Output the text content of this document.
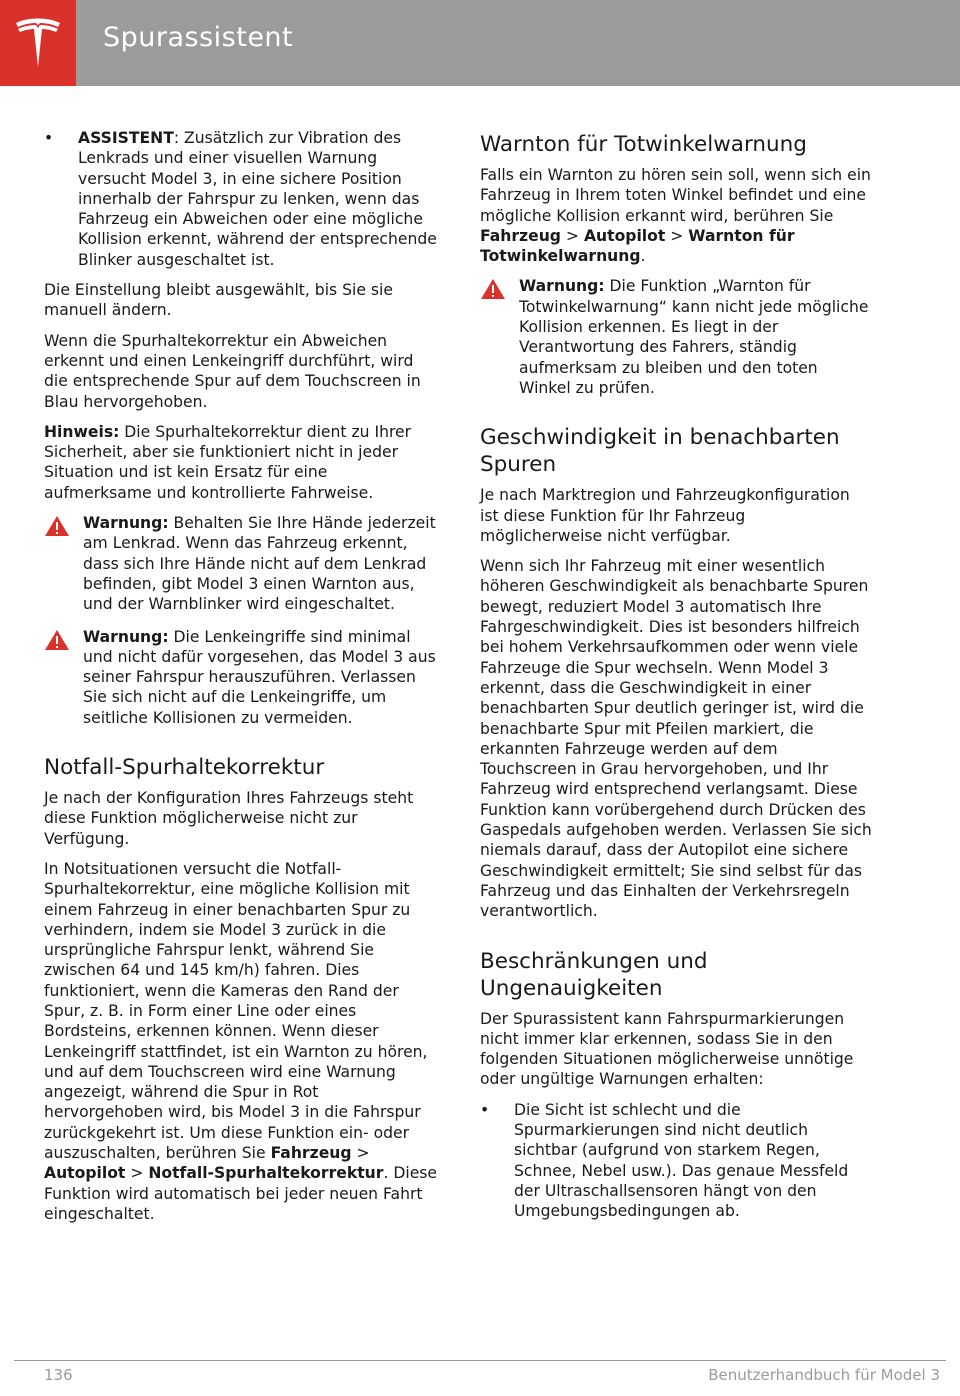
Spurassistent
• ASSISTENT: Zusätzlich zur Vibration des Lenkrads und einer visuellen Warnung versucht Model 3, in eine sichere Position innerhalb der Fahrspur zu lenken, wenn das Fahrzeug ein Abweichen oder eine mögliche Kollision erkennt, während der entsprechende Blinker ausgeschaltet ist.

Die Einstellung bleibt ausgewählt, bis Sie sie manuell ändern.

Wenn die Spurhaltekorrektur ein Abweichen erkennt und einen Lenkeingriff durchführt, wird die entsprechende Spur auf dem Touchscreen in Blau hervorgehoben.

Hinweis: Die Spurhaltekorrektur dient zu Ihrer Sicherheit, aber sie funktioniert nicht in jeder Situation und ist kein Ersatz für eine aufmerksame und kontrollierte Fahrweise.

Warnung: Behalten Sie Ihre Hände jederzeit am Lenkrad. Wenn das Fahrzeug erkennt, dass sich Ihre Hände nicht auf dem Lenkrad befinden, gibt Model 3 einen Warnton aus, und der Warnblinker wird eingeschaltet.
Warnung: Die Lenkeingriffe sind minimal und nicht dafür vorgesehen, das Model 3 aus seiner Fahrspur herauszuführen. Verlassen Sie sich nicht auf die Lenkeingriffe, um seitliche Kollisionen zu vermeiden.
Notfall-Spurhaltekorrektur

Je nach der Konfiguration Ihres Fahrzeugs steht diese Funktion möglicherweise nicht zur Verfügung.

In Notsituationen versucht die Notfall-Spurhaltekorrektur, eine mögliche Kollision mit einem Fahrzeug in einer benachbarten Spur zu verhindern, indem sie Model 3 zurück in die ursprüngliche Fahrspur lenkt, während Sie zwischen 64 und 145 km/h) fahren. Dies funktioniert, wenn die Kameras den Rand der Spur, z. B. in Form einer Line oder eines Bordsteins, erkennen können. Wenn dieser Lenkeingriff stattfindet, ist ein Warnton zu hören, und auf dem Touchscreen wird eine Warnung angezeigt, während die Spur in Rot hervorgehoben wird, bis Model 3 in die Fahrspur zurückgekehrt ist. Um diese Funktion ein- oder auszuschalten, berühren Sie Fahrzeug > Autopilot > Notfall-Spurhaltekorrektur. Diese Funktion wird automatisch bei jeder neuen Fahrt eingeschaltet.

Warnton für Totwinkelwarnung

Falls ein Warnton zu hören sein soll, wenn sich ein Fahrzeug in Ihrem toten Winkel befindet und eine mögliche Kollision erkannt wird, berühren Sie Fahrzeug > Autopilot > Warnton für Totwinkelwarnung.

Warnung: Die Funktion „Warnton für Totwinkelwarnung“ kann nicht jede mögliche Kollision erkennen. Es liegt in der Verantwortung des Fahrers, ständig aufmerksam zu bleiben und den toten Winkel zu prüfen.
Geschwindigkeit in benachbarten Spuren

Je nach Marktregion und Fahrzeugkonfiguration ist diese Funktion für Ihr Fahrzeug möglicherweise nicht verfügbar.

Wenn sich Ihr Fahrzeug mit einer wesentlich höheren Geschwindigkeit als benachbarte Spuren bewegt, reduziert Model 3 automatisch Ihre Fahrgeschwindigkeit. Dies ist besonders hilfreich bei hohem Verkehrsaufkommen oder wenn viele Fahrzeuge die Spur wechseln. Wenn Model 3 erkennt, dass die Geschwindigkeit in einer benachbarten Spur deutlich geringer ist, wird die benachbarte Spur mit Pfeilen markiert, die erkannten Fahrzeuge werden auf dem Touchscreen in Grau hervorgehoben, und Ihr Fahrzeug wird entsprechend verlangsamt. Diese Funktion kann vorübergehend durch Drücken des Gaspedals aufgehoben werden. Verlassen Sie sich niemals darauf, dass der Autopilot eine sichere Geschwindigkeit ermittelt; Sie sind selbst für das Fahrzeug und das Einhalten der Verkehrsregeln verantwortlich.

Beschränkungen und Ungenauigkeiten

Der Spurassistent kann Fahrspurmarkierungen nicht immer klar erkennen, sodass Sie in den folgenden Situationen möglicherweise unnötige oder ungültige Warnungen erhalten:

• Die Sicht ist schlecht und die Spurmarkierungen sind nicht deutlich sichtbar (aufgrund von starkem Regen, Schnee, Nebel usw.). Das genaue Messfeld der Ultraschallsensoren hängt von den Umgebungsbedingungen ab.
136	Benutzerhandbuch für Model 3
